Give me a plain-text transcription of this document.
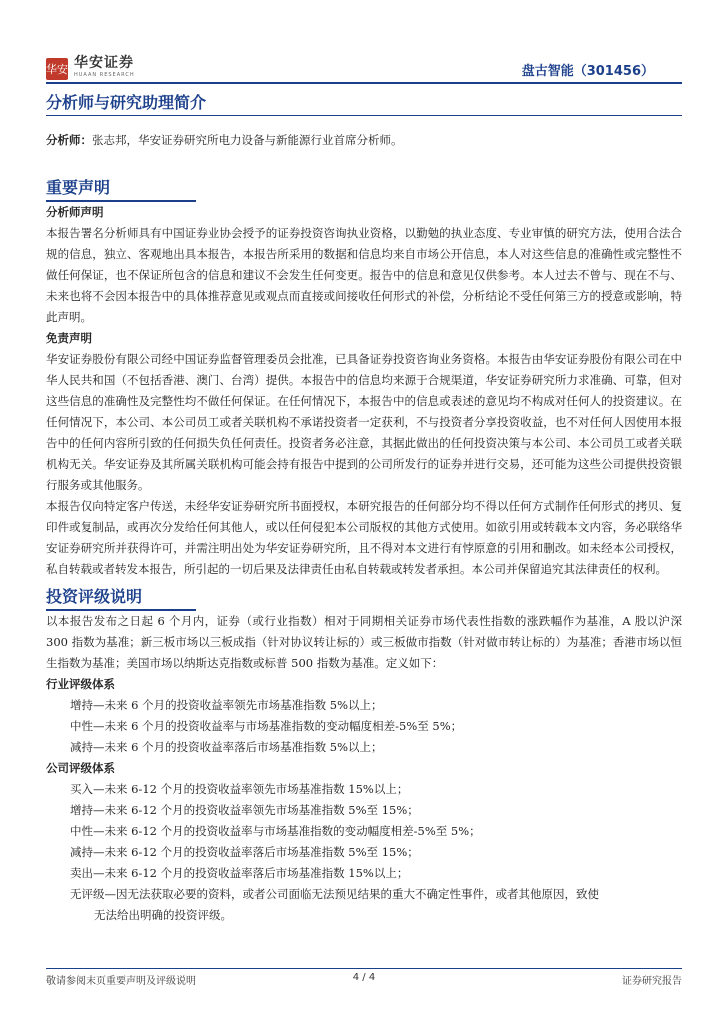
华安 华安证券
HUAAN RESEARCH	盘古智能（301456）
分析师与研究助理简介

分析师：张志邦，华安证券研究所电力设备与新能源行业首席分析师。

重要声明

分析师声明

本报告署名分析师具有中国证券业协会授予的证券投资咨询执业资格，以勤勉的执业态度、专业审慎的研究方法，使用合法合规的信息，独立、客观地出具本报告，本报告所采用的数据和信息均来自市场公开信息，本人对这些信息的准确性或完整性不做任何保证，也不保证所包含的信息和建议不会发生任何变更。报告中的信息和意见仅供参考。本人过去不曾与、现在不与、未来也将不会因本报告中的具体推荐意见或观点而直接或间接收任何形式的补偿，分析结论不受任何第三方的授意或影响，特此声明。

免责声明

华安证券股份有限公司经中国证券监督管理委员会批准，已具备证券投资咨询业务资格。本报告由华安证券股份有限公司在中华人民共和国（不包括香港、澳门、台湾）提供。本报告中的信息均来源于合规渠道，华安证券研究所力求准确、可靠，但对这些信息的准确性及完整性均不做任何保证。在任何情况下，本报告中的信息或表述的意见均不构成对任何人的投资建议。在任何情况下，本公司、本公司员工或者关联机构不承诺投资者一定获利，不与投资者分享投资收益，也不对任何人因使用本报告中的任何内容所引致的任何损失负任何责任。投资者务必注意，其据此做出的任何投资决策与本公司、本公司员工或者关联机构无关。华安证券及其所属关联机构可能会持有报告中提到的公司所发行的证券并进行交易，还可能为这些公司提供投资银行服务或其他服务。

本报告仅向特定客户传送，未经华安证券研究所书面授权，本研究报告的任何部分均不得以任何方式制作任何形式的拷贝、复印件或复制品，或再次分发给任何其他人，或以任何侵犯本公司版权的其他方式使用。如欲引用或转载本文内容，务必联络华安证券研究所并获得许可，并需注明出处为华安证券研究所，且不得对本文进行有悖原意的引用和删改。如未经本公司授权，私自转载或者转发本报告，所引起的一切后果及法律责任由私自转载或转发者承担。本公司并保留追究其法律责任的权利。

投资评级说明

以本报告发布之日起 6 个月内，证券（或行业指数）相对于同期相关证券市场代表性指数的涨跌幅作为基准，A 股以沪深 300 指数为基准；新三板市场以三板成指（针对协议转让标的）或三板做市指数（针对做市转让标的）为基准；香港市场以恒生指数为基准；美国市场以纳斯达克指数或标普 500 指数为基准。定义如下：

行业评级体系

增持—未来 6 个月的投资收益率领先市场基准指数 5%以上；

中性—未来 6 个月的投资收益率与市场基准指数的变动幅度相差-5%至 5%；

减持—未来 6 个月的投资收益率落后市场基准指数 5%以上；

公司评级体系

买入—未来 6-12 个月的投资收益率领先市场基准指数 15%以上；

增持—未来 6-12 个月的投资收益率领先市场基准指数 5%至 15%；

中性—未来 6-12 个月的投资收益率与市场基准指数的变动幅度相差-5%至 5%；

减持—未来 6-12 个月的投资收益率落后市场基准指数 5%至 15%；

卖出—未来 6-12 个月的投资收益率落后市场基准指数 15%以上；

无评级—因无法获取必要的资料，或者公司面临无法预见结果的重大不确定性事件，或者其他原因，致使

无法给出明确的投资评级。

敬请参阅末页重要声明及评级说明	4 / 4	证券研究报告
